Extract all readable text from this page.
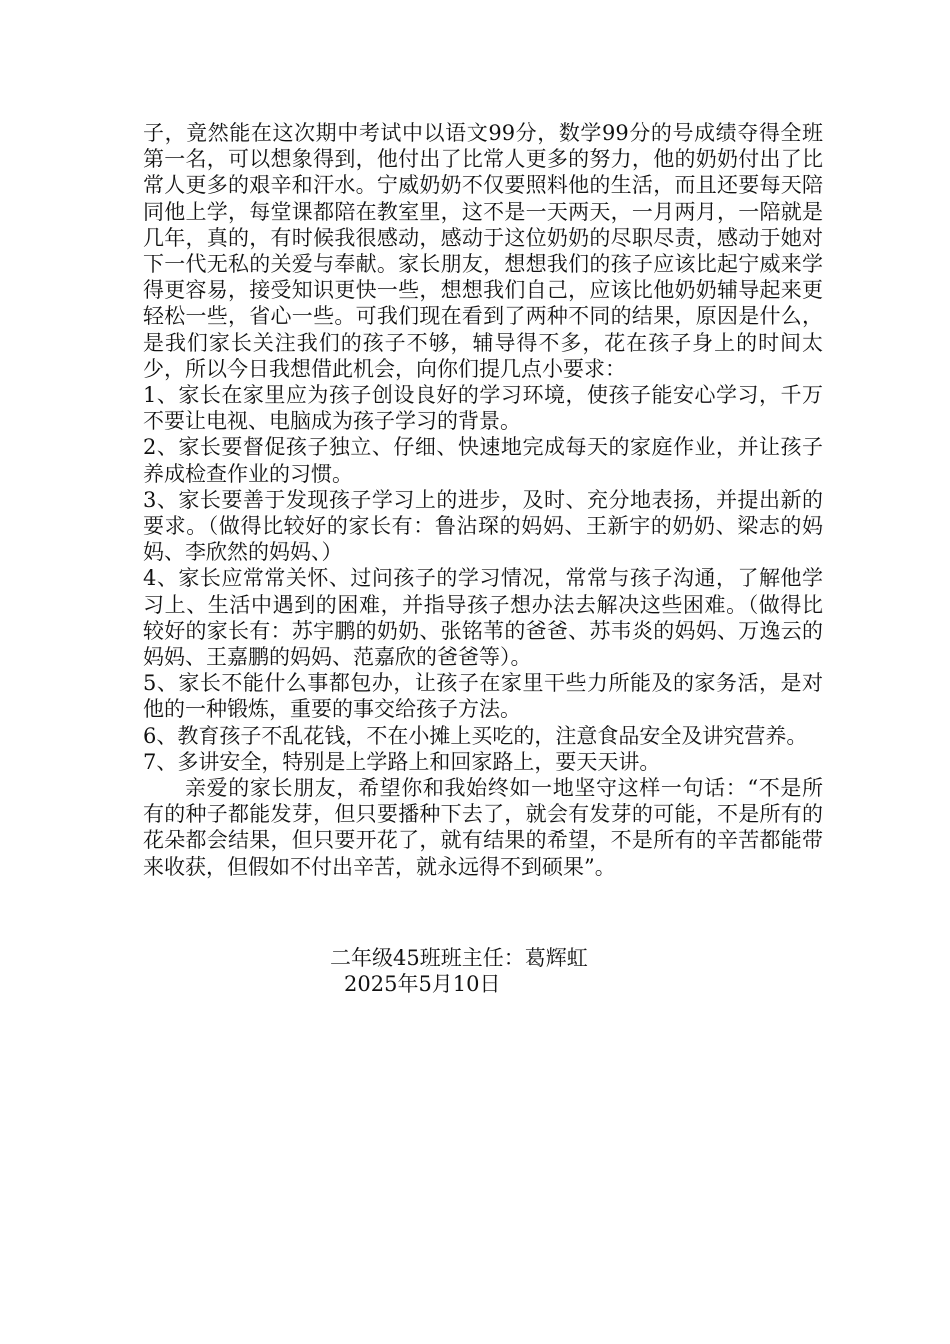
子，竟然能在这次期中考试中以语文99分，数学99分的号成绩夺得全班第一名，可以想象得到，他付出了比常人更多的努力，他的奶奶付出了比常人更多的艰辛和汗水。宁威奶奶不仅要照料他的生活，而且还要每天陪同他上学，每堂课都陪在教室里，这不是一天两天，一月两月，一陪就是几年，真的，有时候我很感动，感动于这位奶奶的尽职尽责，感动于她对下一代无私的关爱与奉献。家长朋友，想想我们的孩子应该比起宁威来学得更容易，接受知识更快一些，想想我们自己，应该比他奶奶辅导起来更轻松一些，省心一些。可我们现在看到了两种不同的结果，原因是什么，是我们家长关注我们的孩子不够，辅导得不多，花在孩子身上的时间太少，所以今日我想借此机会，向你们提几点小要求：

1、家长在家里应为孩子创设良好的学习环境，使孩子能安心学习，千万不要让电视、电脑成为孩子学习的背景。

2、家长要督促孩子独立、仔细、快速地完成每天的家庭作业，并让孩子养成检查作业的习惯。

3、家长要善于发现孩子学习上的进步，及时、充分地表扬，并提出新的要求。（做得比较好的家长有：鲁沾琛的妈妈、王新宇的奶奶、梁志的妈妈、李欣然的妈妈、）

4、家长应常常关怀、过问孩子的学习情况，常常与孩子沟通，了解他学习上、生活中遇到的困难，并指导孩子想办法去解决这些困难。（做得比较好的家长有：苏宇鹏的奶奶、张铭苇的爸爸、苏韦炎的妈妈、万逸云的妈妈、王嘉鹏的妈妈、范嘉欣的爸爸等）。

5、家长不能什么事都包办，让孩子在家里干些力所能及的家务活，是对他的一种锻炼，重要的事交给孩子方法。

6、教育孩子不乱花钱，不在小摊上买吃的，注意食品安全及讲究营养。

7、多讲安全，特别是上学路上和回家路上，要天天讲。

亲爱的家长朋友，希望你和我始终如一地坚守这样一句话：“不是所有的种子都能发芽，但只要播种下去了，就会有发芽的可能，不是所有的花朵都会结果，但只要开花了，就有结果的希望，不是所有的辛苦都能带来收获，但假如不付出辛苦，就永远得不到硕果”。

二年级45班班主任：葛辉虹

2025年5月10日
